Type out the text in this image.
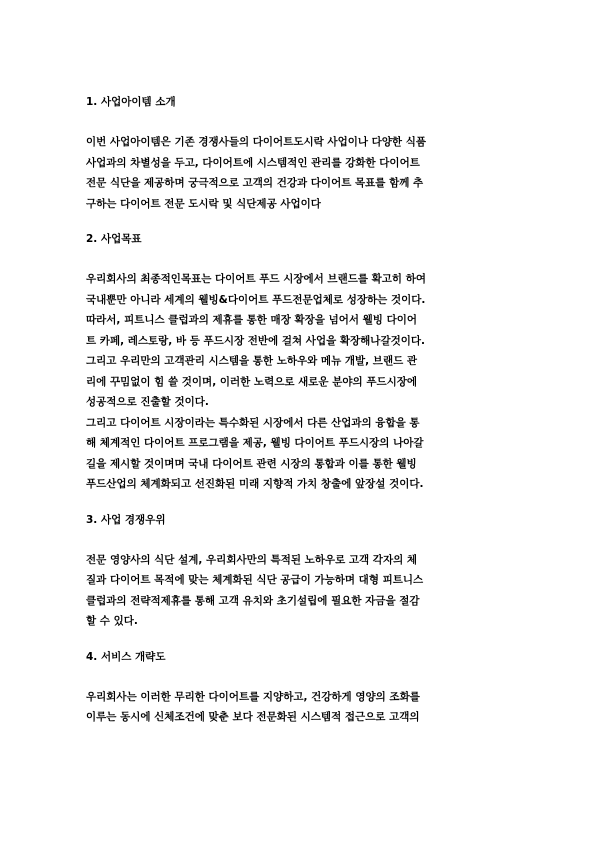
1. 사업아이템 소개

이번 사업아이템은 기존 경쟁사들의 다이어트도시락 사업이나 다양한 식품
사업과의 차별성을 두고, 다이어트에 시스템적인 관리를 강화한 다이어트
전문 식단을 제공하며 궁극적으로 고객의 건강과 다이어트 목표를 함께 추
구하는 다이어트 전문 도시락 및 식단제공 사업이다

2. 사업목표

우리회사의 최종적인목표는 다이어트 푸드 시장에서 브랜드를 확고히 하여
국내뿐만 아니라 세계의 웰빙&다이어트 푸드전문업체로 성장하는 것이다.
따라서, 피트니스 클럽과의 제휴를 통한 매장 확장을 넘어서 웰빙 다이어
트 카페, 레스토랑, 바 등 푸드시장 전반에 걸쳐 사업을 확장해나갈것이다.
그리고 우리만의 고객관리 시스템을 통한 노하우와 메뉴 개발, 브랜드 관
리에 꾸밈없이 힘 쓸 것이며, 이러한 노력으로 새로운 분야의 푸드시장에
성공적으로 진출할 것이다.
그리고 다이어트 시장이라는 특수화된 시장에서 다른 산업과의 융합을 통
해 체계적인 다이어트 프로그램을 제공, 웰빙 다이어트 푸드시장의 나아갈
길을 제시할 것이며며 국내 다이어트 관련 시장의 통합과 이를 통한 웰빙
푸드산업의 체계화되고 선진화된 미래 지향적 가치 창출에 앞장설 것이다.

3. 사업 경쟁우위

전문 영양사의 식단 설계, 우리회사만의 특적된 노하우로 고객 각자의 체
질과 다이어트 목적에 맞는 체계화된 식단 공급이 가능하며 대형 피트니스
클럽과의 전략적제휴를 통해 고객 유치와 초기설립에 필요한 자금을 절감
할 수 있다.

4. 서비스 개략도

우리회사는 이러한 무리한 다이어트를 지양하고, 건강하게 영양의 조화를
이루는 동시에 신체조건에 맞춘 보다 전문화된 시스템적 접근으로 고객의
